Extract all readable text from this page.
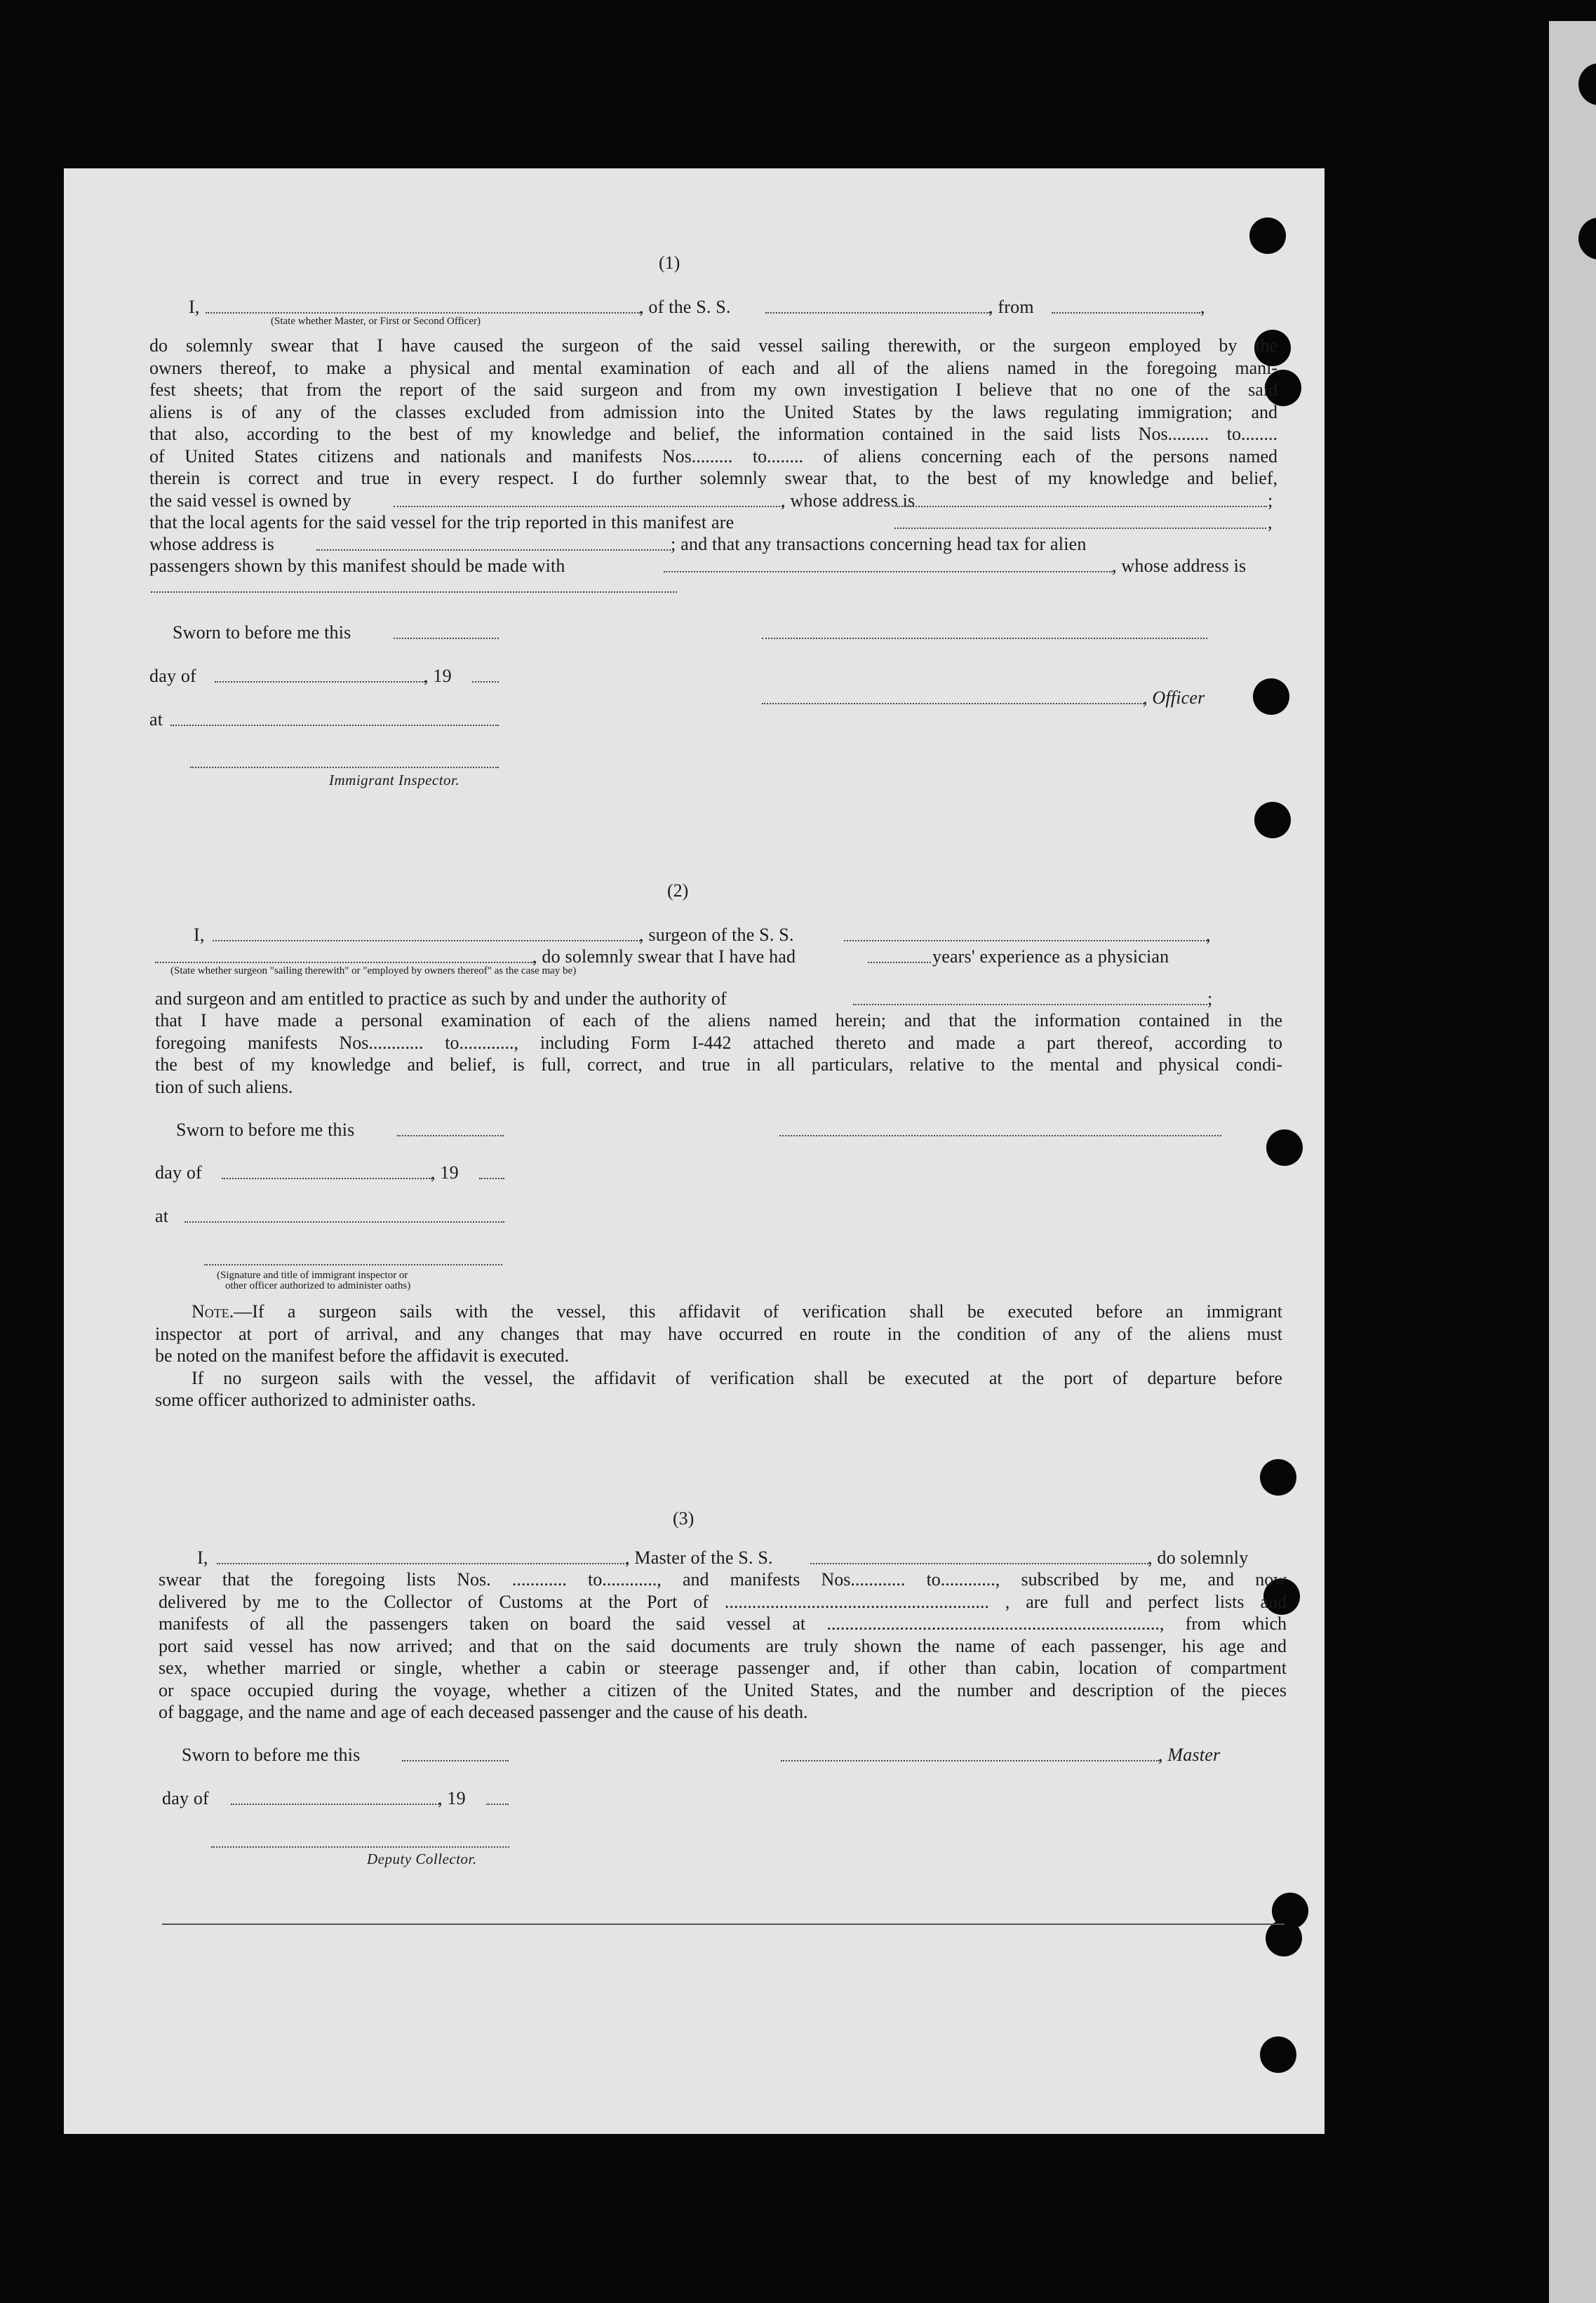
(1)
I,	, of the S. S.	, from	,
(State whether Master, or First or Second Officer)
do solemnly swear that I have caused the surgeon of the said vessel sailing therewith, or the surgeon employed by the
owners thereof, to make a physical and mental examination of each and all of the aliens named in the foregoing mani-
fest sheets; that from the report of the said surgeon and from my own investigation I believe that no one of the said
aliens is of any of the classes excluded from admission into the United States by the laws regulating immigration; and
that also, according to the best of my knowledge and belief, the information contained in the said lists Nos......... to........
of United States citizens and nationals and manifests Nos......... to........ of aliens concerning each of the persons named
therein is correct and true in every respect. I do further solemnly swear that, to the best of my knowledge and belief,
the said vessel is owned by	, whose address is	;
that the local agents for the said vessel for the trip reported in this manifest are	,
whose address is	; and that any transactions concerning head tax for alien
passengers shown by this manifest should be made with	, whose address is
Sworn to before me this
day of	, 19
, Officer
at
Immigrant Inspector.
(2)
I,	, surgeon of the S. S.	,
, do solemnly swear that I have had	years' experience as a physician
(State whether surgeon "sailing therewith" or "employed by owners thereof" as the case may be)
and surgeon and am entitled to practice as such by and under the authority of	;
that I have made a personal examination of each of the aliens named herein; and that the information contained in the
foregoing manifests Nos............ to............, including Form I-442 attached thereto and made a part thereof, according to
the best of my knowledge and belief, is full, correct, and true in all particulars, relative to the mental and physical condi-
tion of such aliens.
Sworn to before me this
day of	, 19
at
(Signature and title of immigrant inspector or
other officer authorized to administer oaths)
Note.—If a surgeon sails with the vessel, this affidavit of verification shall be executed before an immigrant
inspector at port of arrival, and any changes that may have occurred en route in the condition of any of the aliens must
be noted on the manifest before the affidavit is executed.
If no surgeon sails with the vessel, the affidavit of verification shall be executed at the port of departure before
some officer authorized to administer oaths.
(3)
I,	, Master of the S. S.	, do solemnly
swear that the foregoing lists Nos. ............ to............, and manifests Nos............ to............, subscribed by me, and now
delivered by me to the Collector of Customs at the Port of .......................................................... , are full and perfect lists and
manifests of all the passengers taken on board the said vessel at ........................................................................., from which
port said vessel has now arrived; and that on the said documents are truly shown the name of each passenger, his age and
sex, whether married or single, whether a cabin or steerage passenger and, if other than cabin, location of compartment
or space occupied during the voyage, whether a citizen of the United States, and the number and description of the pieces
of baggage, and the name and age of each deceased passenger and the cause of his death.
Sworn to before me this	, Master
day of	, 19
Deputy Collector.
